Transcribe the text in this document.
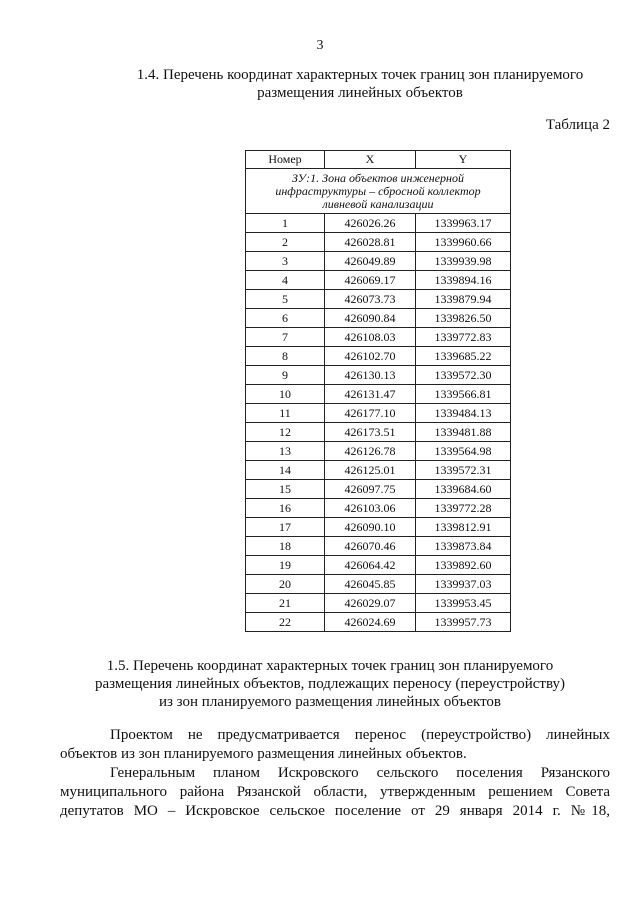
3
1.4. Перечень координат характерных точек границ зон планируемого
размещения линейных объектов
Таблица 2
Номер	X	Y
ЗУ:1. Зона объектов инженерной инфраструктуры – сбросной коллектор ливневой канализации		
1	426026.26	1339963.17
2	426028.81	1339960.66
3	426049.89	1339939.98
4	426069.17	1339894.16
5	426073.73	1339879.94
6	426090.84	1339826.50
7	426108.03	1339772.83
8	426102.70	1339685.22
9	426130.13	1339572.30
10	426131.47	1339566.81
11	426177.10	1339484.13
12	426173.51	1339481.88
13	426126.78	1339564.98
14	426125.01	1339572.31
15	426097.75	1339684.60
16	426103.06	1339772.28
17	426090.10	1339812.91
18	426070.46	1339873.84
19	426064.42	1339892.60
20	426045.85	1339937.03
21	426029.07	1339953.45
22	426024.69	1339957.73
1.5. Перечень координат характерных точек границ зон планируемого
размещения линейных объектов, подлежащих переносу (переустройству)
из зон планируемого размещения линейных объектов
Проектом не предусматривается перенос (переустройство) линейных
объектов из зон планируемого размещения линейных объектов.
Генеральным планом Искровского сельского поселения Рязанского
муниципального района Рязанской области, утвержденным решением Совета
депутатов МО – Искровское сельское поселение от 29 января 2014 г. №18,
